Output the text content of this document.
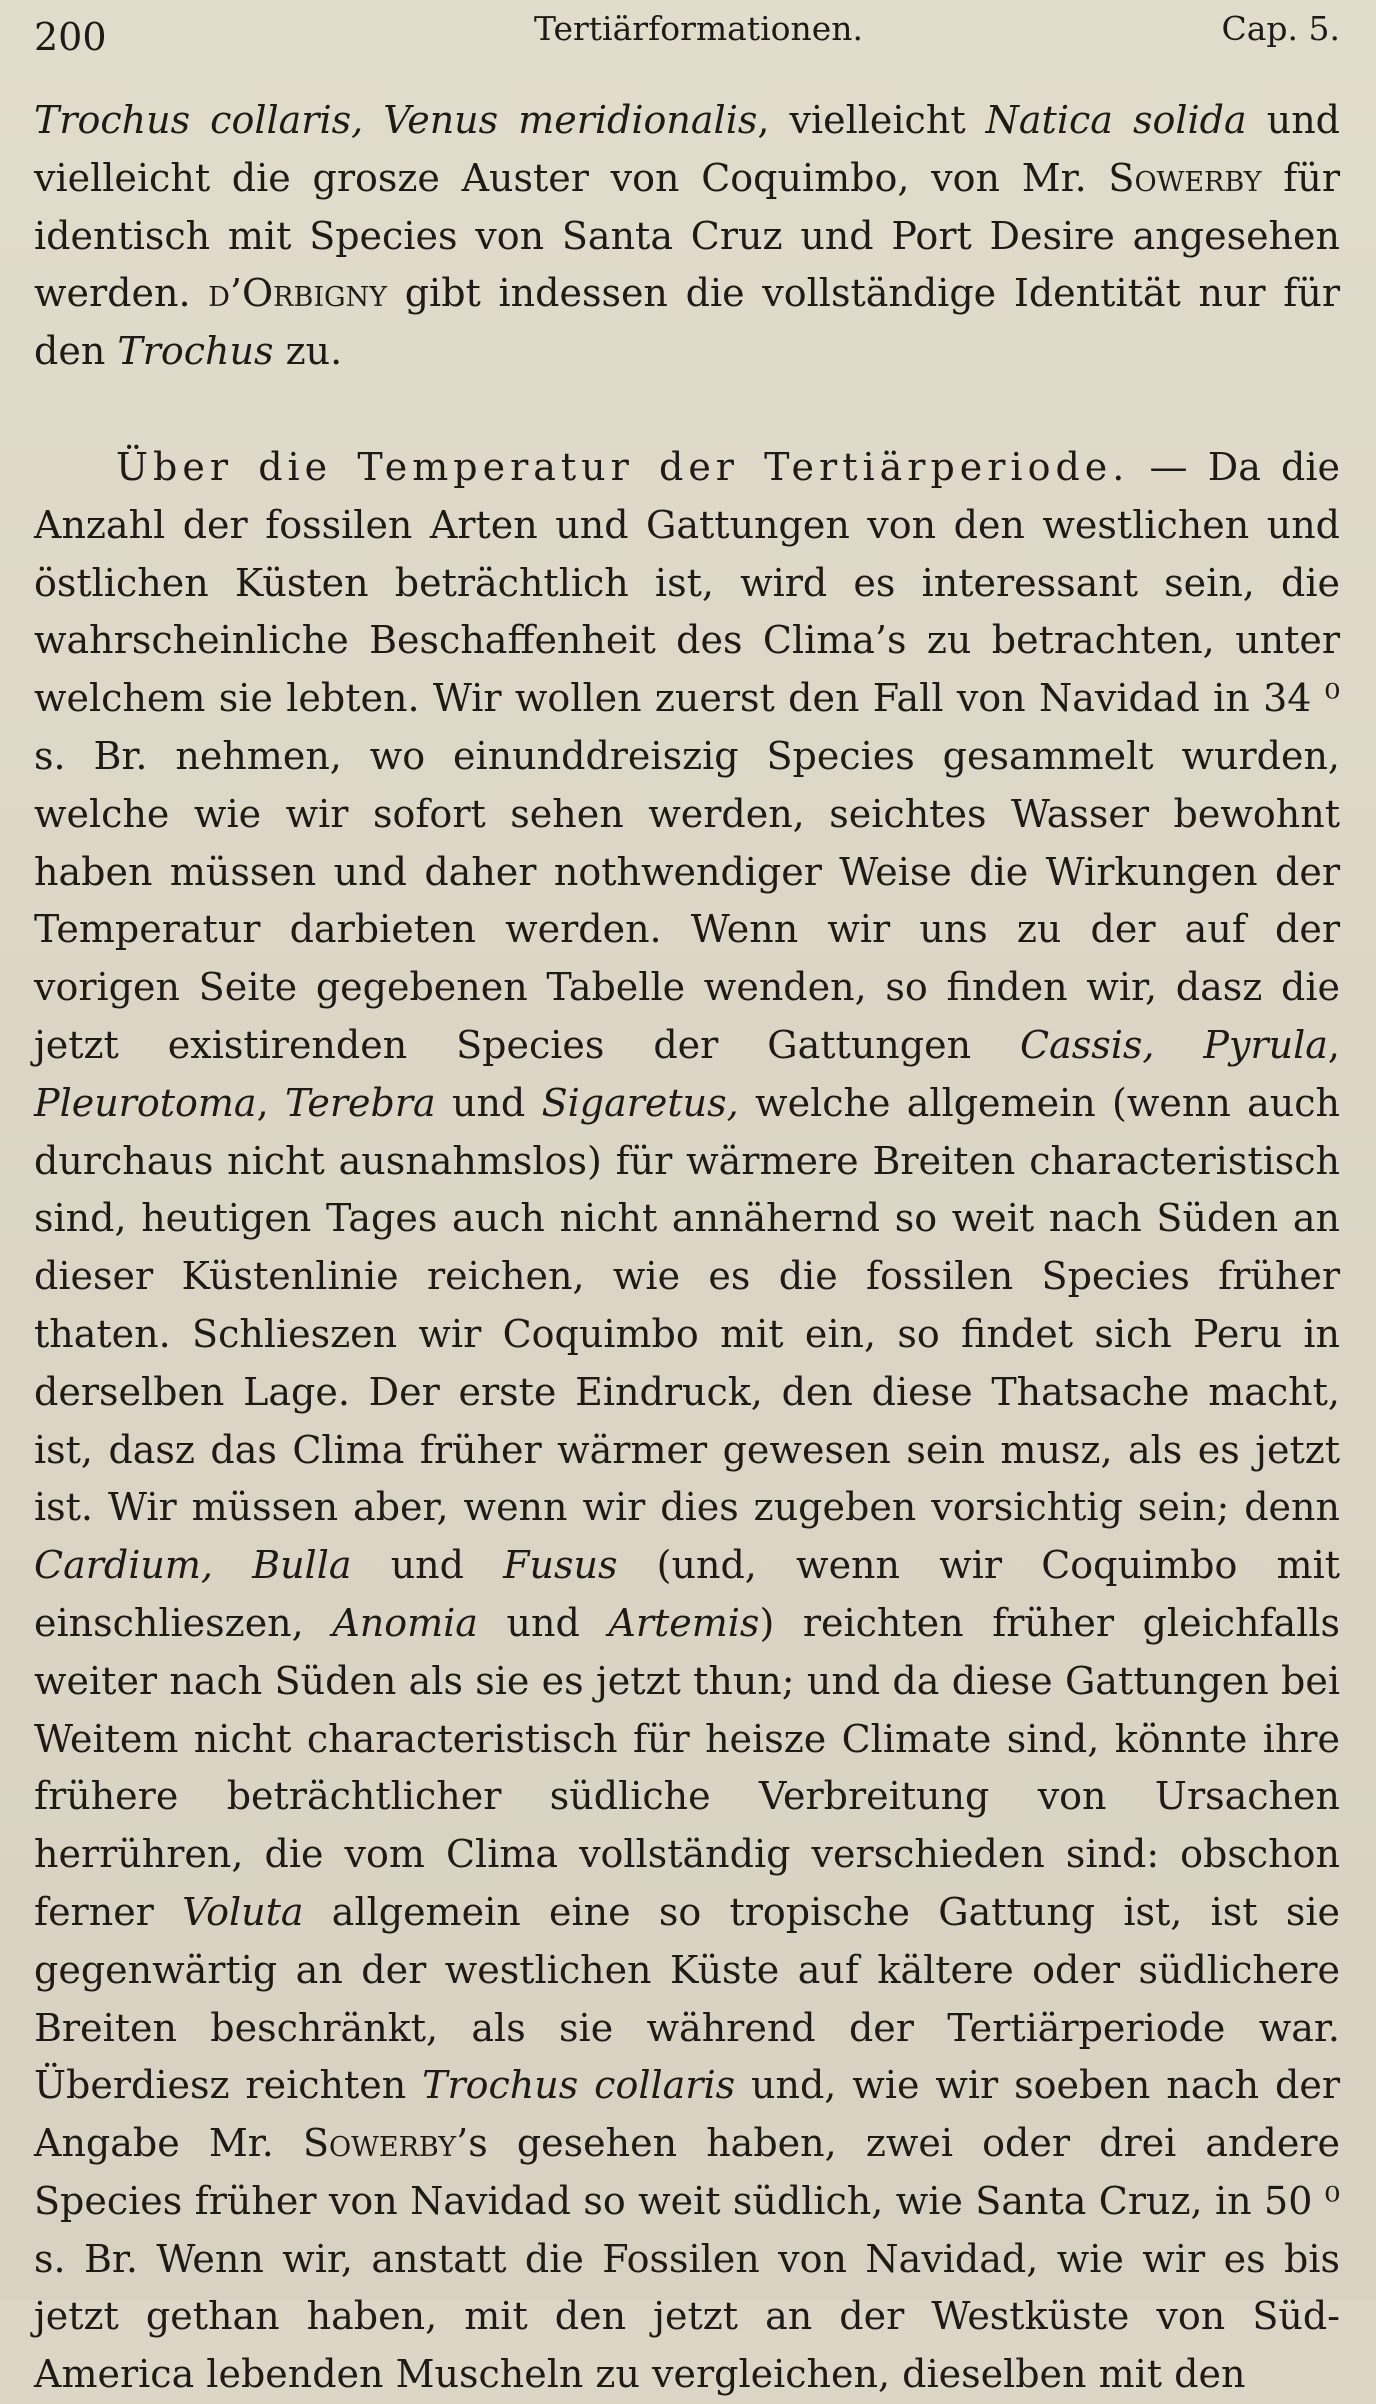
200	Tertiärformationen.	Cap. 5.

Trochus collaris, Venus meridionalis, vielleicht Natica solida und vielleicht die grosze Auster von Coquimbo, von Mr. Sowerby für identisch mit Species von Santa Cruz und Port Desire angesehen werden. d’Orbigny gibt indessen die vollständige Identität nur für den Trochus zu.

Über die Temperatur der Tertiärperiode. — Da die Anzahl der fossilen Arten und Gattungen von den westlichen und östlichen Küsten beträchtlich ist, wird es interessant sein, die wahrscheinliche Beschaffenheit des Clima’s zu betrachten, unter welchem sie lebten. Wir wollen zuerst den Fall von Navidad in 34 ⁰ s. Br. nehmen, wo einunddreiszig Species gesammelt wurden, welche wie wir sofort sehen werden, seichtes Wasser bewohnt haben müssen und daher nothwendiger Weise die Wirkungen der Temperatur darbieten werden. Wenn wir uns zu der auf der vorigen Seite gegebenen Tabelle wenden, so finden wir, dasz die jetzt existirenden Species der Gattungen Cassis, Pyrula, Pleurotoma, Terebra und Sigaretus, welche allgemein (wenn auch durchaus nicht ausnahmslos) für wärmere Breiten characteristisch sind, heutigen Tages auch nicht annähernd so weit nach Süden an dieser Küstenlinie reichen, wie es die fossilen Species früher thaten. Schlieszen wir Coquimbo mit ein, so findet sich Peru in derselben Lage. Der erste Eindruck, den diese Thatsache macht, ist, dasz das Clima früher wärmer gewesen sein musz, als es jetzt ist. Wir müssen aber, wenn wir dies zugeben vorsichtig sein; denn Cardium, Bulla und Fusus (und, wenn wir Coquimbo mit einschlieszen, Anomia und Artemis) reichten früher gleichfalls weiter nach Süden als sie es jetzt thun; und da diese Gattungen bei Weitem nicht characteristisch für heisze Climate sind, könnte ihre frühere beträchtlicher südliche Verbreitung von Ursachen herrühren, die vom Clima vollständig verschieden sind: obschon ferner Voluta allgemein eine so tropische Gattung ist, ist sie gegenwärtig an der westlichen Küste auf kältere oder südlichere Breiten beschränkt, als sie während der Tertiärperiode war. Überdiesz reichten Trochus collaris und, wie wir soeben nach der Angabe Mr. Sowerby’s gesehen haben, zwei oder drei andere Species früher von Navidad so weit südlich, wie Santa Cruz, in 50 ⁰ s. Br. Wenn wir, anstatt die Fossilen von Navidad, wie wir es bis jetzt gethan haben, mit den jetzt an der Westküste von Süd-America lebenden Muscheln zu vergleichen, dieselben mit den
